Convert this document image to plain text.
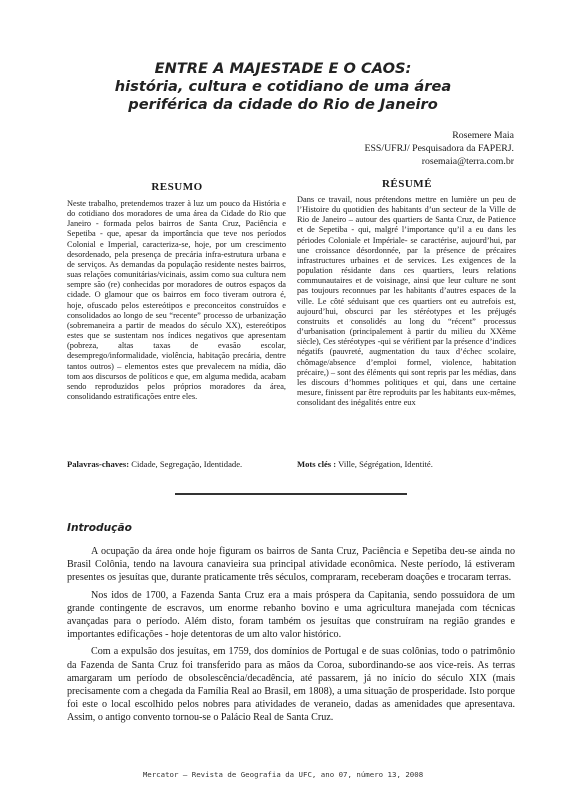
ENTRE A MAJESTADE E O CAOS:
história, cultura e cotidiano de uma área
periférica da cidade do Rio de Janeiro
Rosemere Maia
ESS/UFRJ/ Pesquisadora da FAPERJ.
rosemaia@terra.com.br
RESUMO	RÉSUMÉ

Neste trabalho, pretendemos trazer à luz um pouco da História e do cotidiano dos moradores de uma área da Cidade do Rio que Janeiro - formada pelos bairros de Santa Cruz, Paciência e Sepetiba - que, apesar da importância que teve nos períodos Colonial e Imperial, caracteriza-se, hoje, por um crescimento desordenado, pela presença de precária infra-estrutura urbana e de serviços. As demandas da população residente nestes bairros, suas relações comunitárias/vicinais, assim como sua cultura nem sempre são (re) conhecidas por moradores de outros espaços da cidade. O glamour que os bairros em foco tiveram outrora é, hoje, ofuscado pelos estereótipos e preconceitos construídos e consolidados ao longo de seu “recente” processo de urbanização (sobremaneira a partir de meados do século XX), estereótipos estes que se sustentam nos índices negativos que apresentam (pobreza, altas taxas de evasão escolar, desemprego/informalidade, violência, habitação precária, dentre tantos outros) – elementos estes que prevalecem na mídia, dão tom aos discursos de políticos e que, em alguma medida, acabam sendo reproduzidos pelos próprios moradores da área, consolidando estratificações entre eles.

Dans ce travail, nous prétendons mettre en lumière un peu de l’Histoire du quotidien des habitants d’un secteur de la Ville de Rio de Janeiro – autour des quartiers de Santa Cruz, de Patience et de Sepetiba - qui, malgré l’importance qu’il a eu dans les périodes Coloniale et Impériale- se caractérise, aujourd’hui, par une croissance désordonnée, par la présence de précaires infrastructures urbaines et de services. Les exigences de la population résidante dans ces quartiers, leurs relations communautaires et de voisinage, ainsi que leur culture ne sont pas toujours reconnues par les habitants d’autres espaces de la ville. Le côté séduisant que ces quartiers ont eu autrefois est, aujourd’hui, obscurci par les stéréotypes et les préjugés construits et consolidés au long du “récent” processus d’urbanisation (principalement à partir du milieu du XXème siècle), Ces stéréotypes -qui se vérifient par la présence d’indices négatifs (pauvreté, augmentation du taux d’échec scolaire, chômage/absence d’emploi formel, violence, habitation précaire,) – sont des éléments qui sont repris par les médias, dans les discours d’hommes politiques et qui, dans une certaine mesure, finissent par être reproduits par les habitants eux-mêmes, consolidant des inégalités entre eux

Palavras-chaves: Cidade, Segregação, Identidade.	Mots clés : Ville, Ségrégation, Identité.
Introdução

A ocupação da área onde hoje figuram os bairros de Santa Cruz, Paciência e Sepetiba deu-se ainda no Brasil Colônia, tendo na lavoura canavieira sua principal atividade econômica. Neste período, lá estiveram presentes os jesuítas que, durante praticamente três séculos, compraram, receberam doações e trocaram terras.

Nos idos de 1700, a Fazenda Santa Cruz era a mais próspera da Capitania, sendo possuidora de um grande contingente de escravos, um enorme rebanho bovino e uma agricultura manejada com técnicas avançadas para o período. Além disto, foram também os jesuítas que construíram na região grandes e importantes edificações - hoje detentoras de um alto valor histórico.

Com a expulsão dos jesuítas, em 1759, dos domínios de Portugal e de suas colônias, todo o patrimônio da Fazenda de Santa Cruz foi transferido para as mãos da Coroa, subordinando-se aos vice-reis. As terras amargaram um período de obsolescência/decadência, até passarem, já no início do século XIX (mais precisamente com a chegada da Família Real ao Brasil, em 1808), a uma situação de prosperidade. Isto porque foi este o local escolhido pelos nobres para atividades de veraneio, dadas as amenidades que apresentava. Assim, o antigo convento tornou-se o Palácio Real de Santa Cruz.

Mercator – Revista de Geografia da UFC, ano 07, número 13, 2008
